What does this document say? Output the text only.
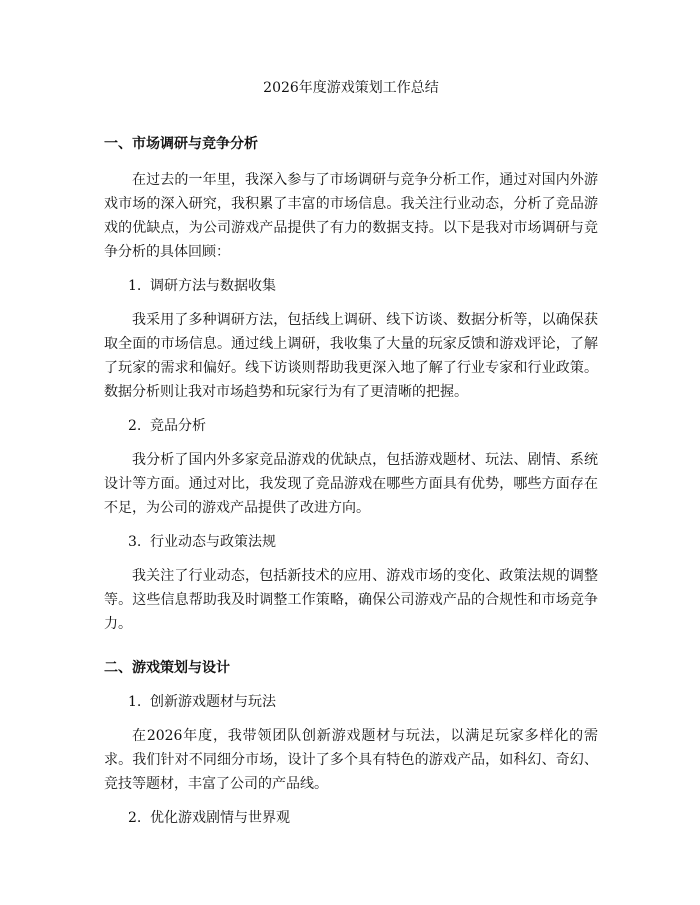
2026年度游戏策划工作总结
一、市场调研与竞争分析

在过去的一年里，我深入参与了市场调研与竞争分析工作，通过对国内外游戏市场的深入研究，我积累了丰富的市场信息。我关注行业动态，分析了竞品游戏的优缺点，为公司游戏产品提供了有力的数据支持。以下是我对市场调研与竞争分析的具体回顾：

1. 调研方法与数据收集

我采用了多种调研方法，包括线上调研、线下访谈、数据分析等，以确保获取全面的市场信息。通过线上调研，我收集了大量的玩家反馈和游戏评论，了解了玩家的需求和偏好。线下访谈则帮助我更深入地了解了行业专家和行业政策。数据分析则让我对市场趋势和玩家行为有了更清晰的把握。

2. 竞品分析

我分析了国内外多家竞品游戏的优缺点，包括游戏题材、玩法、剧情、系统设计等方面。通过对比，我发现了竞品游戏在哪些方面具有优势，哪些方面存在不足，为公司的游戏产品提供了改进方向。

3. 行业动态与政策法规

我关注了行业动态，包括新技术的应用、游戏市场的变化、政策法规的调整等。这些信息帮助我及时调整工作策略，确保公司游戏产品的合规性和市场竞争力。

二、游戏策划与设计
1. 创新游戏题材与玩法

在2026年度，我带领团队创新游戏题材与玩法，以满足玩家多样化的需求。我们针对不同细分市场，设计了多个具有特色的游戏产品，如科幻、奇幻、竞技等题材，丰富了公司的产品线。

2. 优化游戏剧情与世界观
